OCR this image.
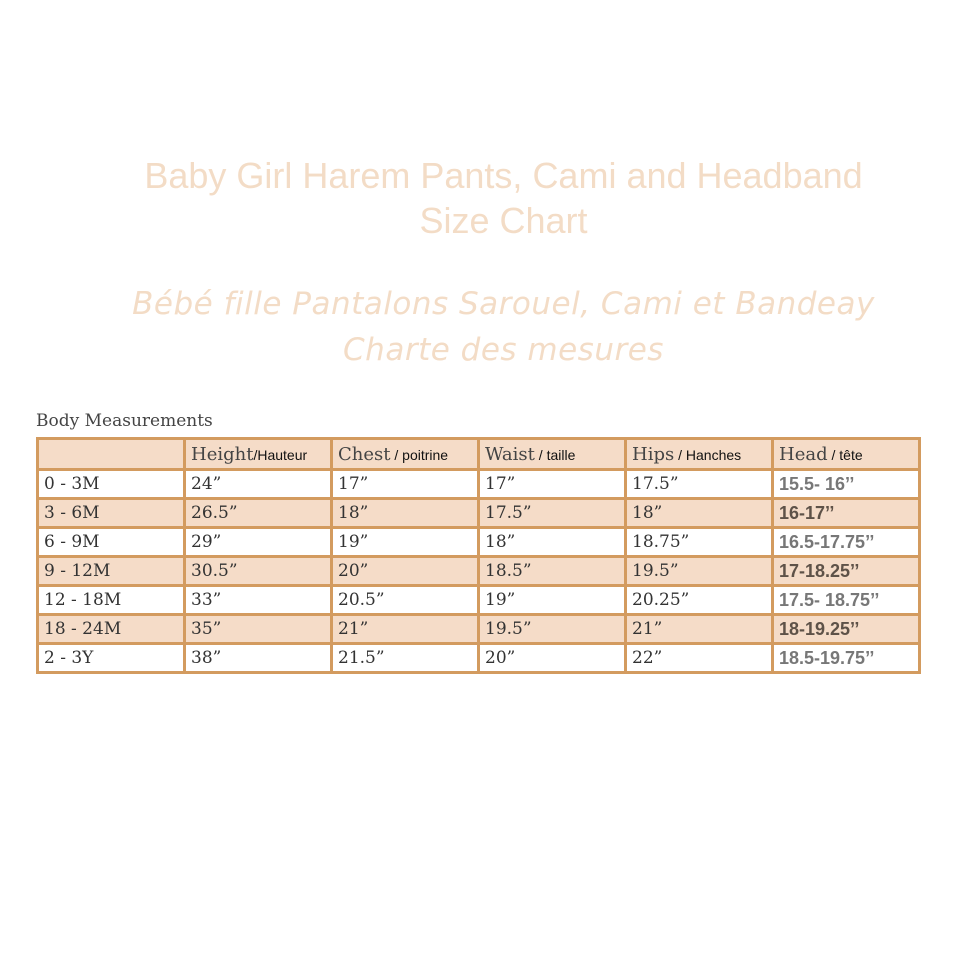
Baby Girl Harem Pants, Cami and Headband
Size Chart
Bébé fille Pantalons Sarouel, Cami et Bandeay
Charte des mesures
Body Measurements
	Height/Hauteur	Chest / poitrine	Waist / taille	Hips / Hanches	Head / tête
0 - 3M	24”	17”	17”	17.5”	15.5- 16’’
3 - 6M	26.5”	18”	17.5”	18”	16-17’’
6 - 9M	29”	19”	18”	18.75”	16.5-17.75’’
9 - 12M	30.5”	20”	18.5”	19.5”	17-18.25’’
12 - 18M	33”	20.5”	19”	20.25”	17.5- 18.75’’
18 - 24M	35”	21”	19.5”	21”	18-19.25’’
2 - 3Y	38”	21.5”	20”	22”	18.5-19.75’’
